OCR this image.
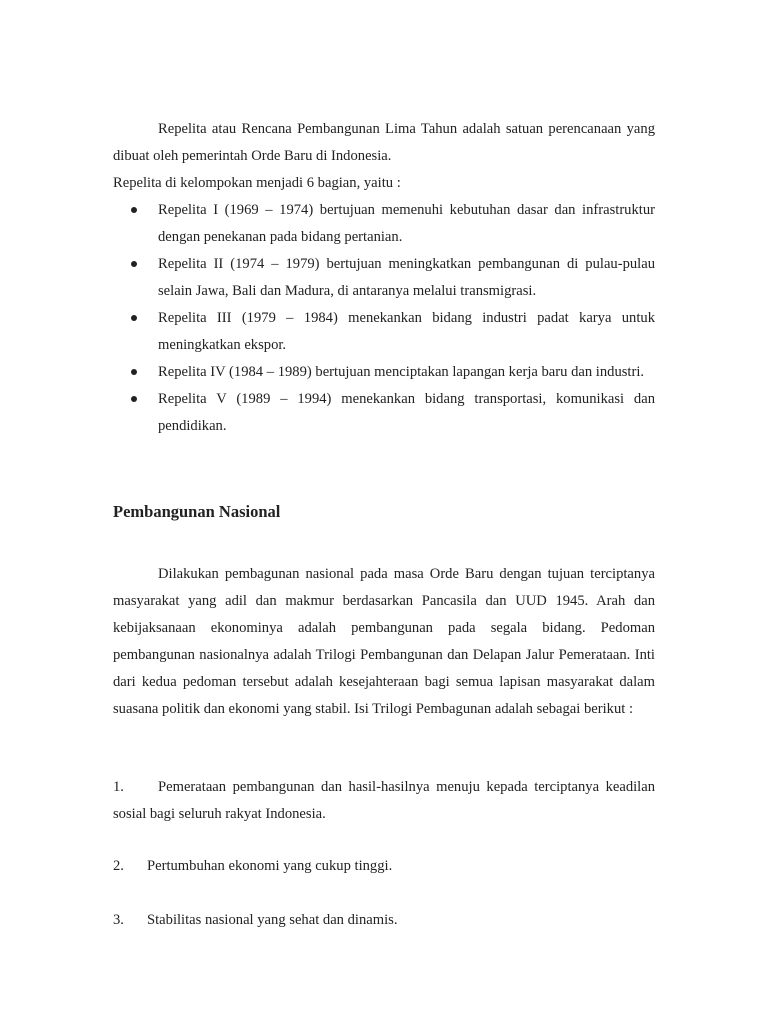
Repelita atau Rencana Pembangunan Lima Tahun adalah satuan perencanaan yang dibuat oleh pemerintah Orde Baru di Indonesia.

Repelita di kelompokan menjadi 6 bagian, yaitu :

Repelita I (1969 – 1974) bertujuan memenuhi kebutuhan dasar dan infrastruktur dengan penekanan pada bidang pertanian.
Repelita II (1974 – 1979) bertujuan meningkatkan pembangunan di pulau-pulau selain Jawa, Bali dan Madura, di antaranya melalui transmigrasi.
Repelita III (1979 – 1984) menekankan bidang industri padat karya untuk meningkatkan ekspor.
Repelita IV (1984 – 1989) bertujuan menciptakan lapangan kerja baru dan industri.
Repelita V (1989 – 1994) menekankan bidang transportasi, komunikasi dan pendidikan.
Pembangunan Nasional

Dilakukan pembagunan nasional pada masa Orde Baru dengan tujuan terciptanya masyarakat yang adil dan makmur berdasarkan Pancasila dan UUD 1945. Arah dan kebijaksanaan ekonominya adalah pembangunan pada segala bidang. Pedoman pembangunan nasionalnya adalah Trilogi Pembangunan dan Delapan Jalur Pemerataan. Inti dari kedua pedoman tersebut adalah kesejahteraan bagi semua lapisan masyarakat dalam suasana politik dan ekonomi yang stabil. Isi Trilogi Pembagunan adalah sebagai berikut :

1. Pemerataan pembangunan dan hasil-hasilnya menuju kepada terciptanya keadilan sosial bagi seluruh rakyat Indonesia.

2. Pertumbuhan ekonomi yang cukup tinggi.

3. Stabilitas nasional yang sehat dan dinamis.
